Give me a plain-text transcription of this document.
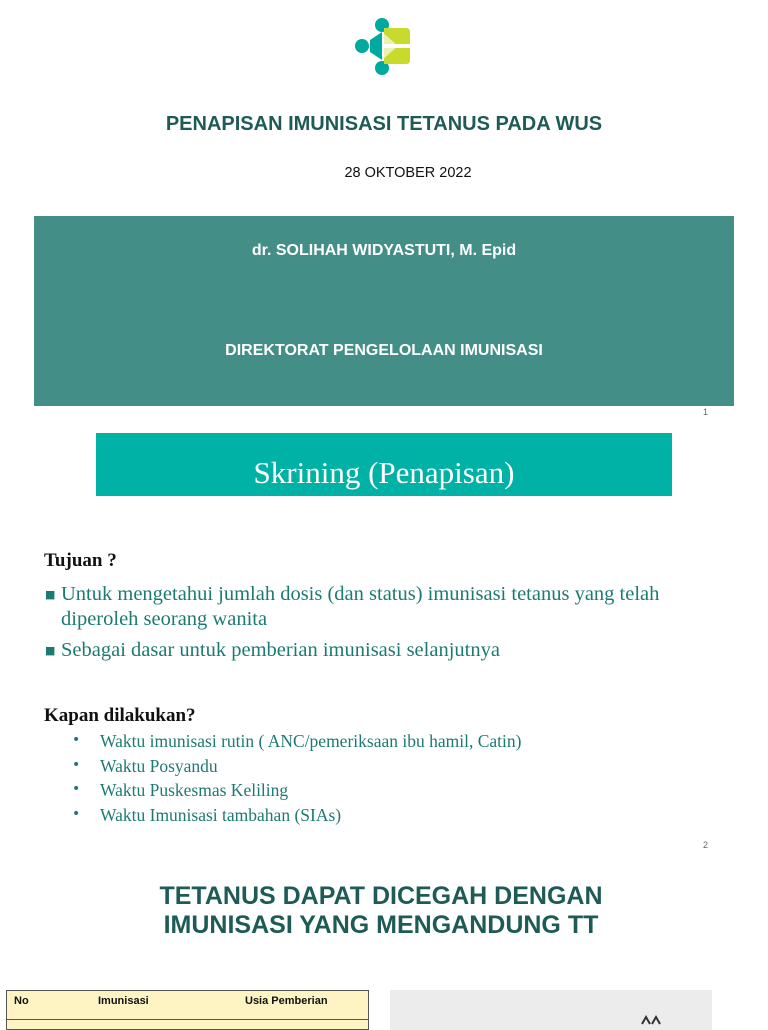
PENAPISAN IMUNISASI TETANUS PADA WUS
28 OKTOBER 2022
dr. SOLIHAH WIDYASTUTI, M. Epid
DIREKTORAT PENGELOLAAN IMUNISASI
1
Skrining (Penapisan)
Tujuan ?
■ Untuk mengetahui jumlah dosis (dan status) imunisasi tetanus yang telah diperoleh seorang wanita
■ Sebagai dasar untuk pemberian imunisasi selanjutnya
Kapan dilakukan?
• Waktu imunisasi rutin ( ANC/pemeriksaan ibu hamil, Catin)
• Waktu Posyandu
• Waktu Puskesmas Keliling
• Waktu Imunisasi tambahan (SIAs)
2
TETANUS DAPAT DICEGAH DENGAN
IMUNISASI YANG MENGANDUNG TT
No	Imunisasi	Usia Pemberian
